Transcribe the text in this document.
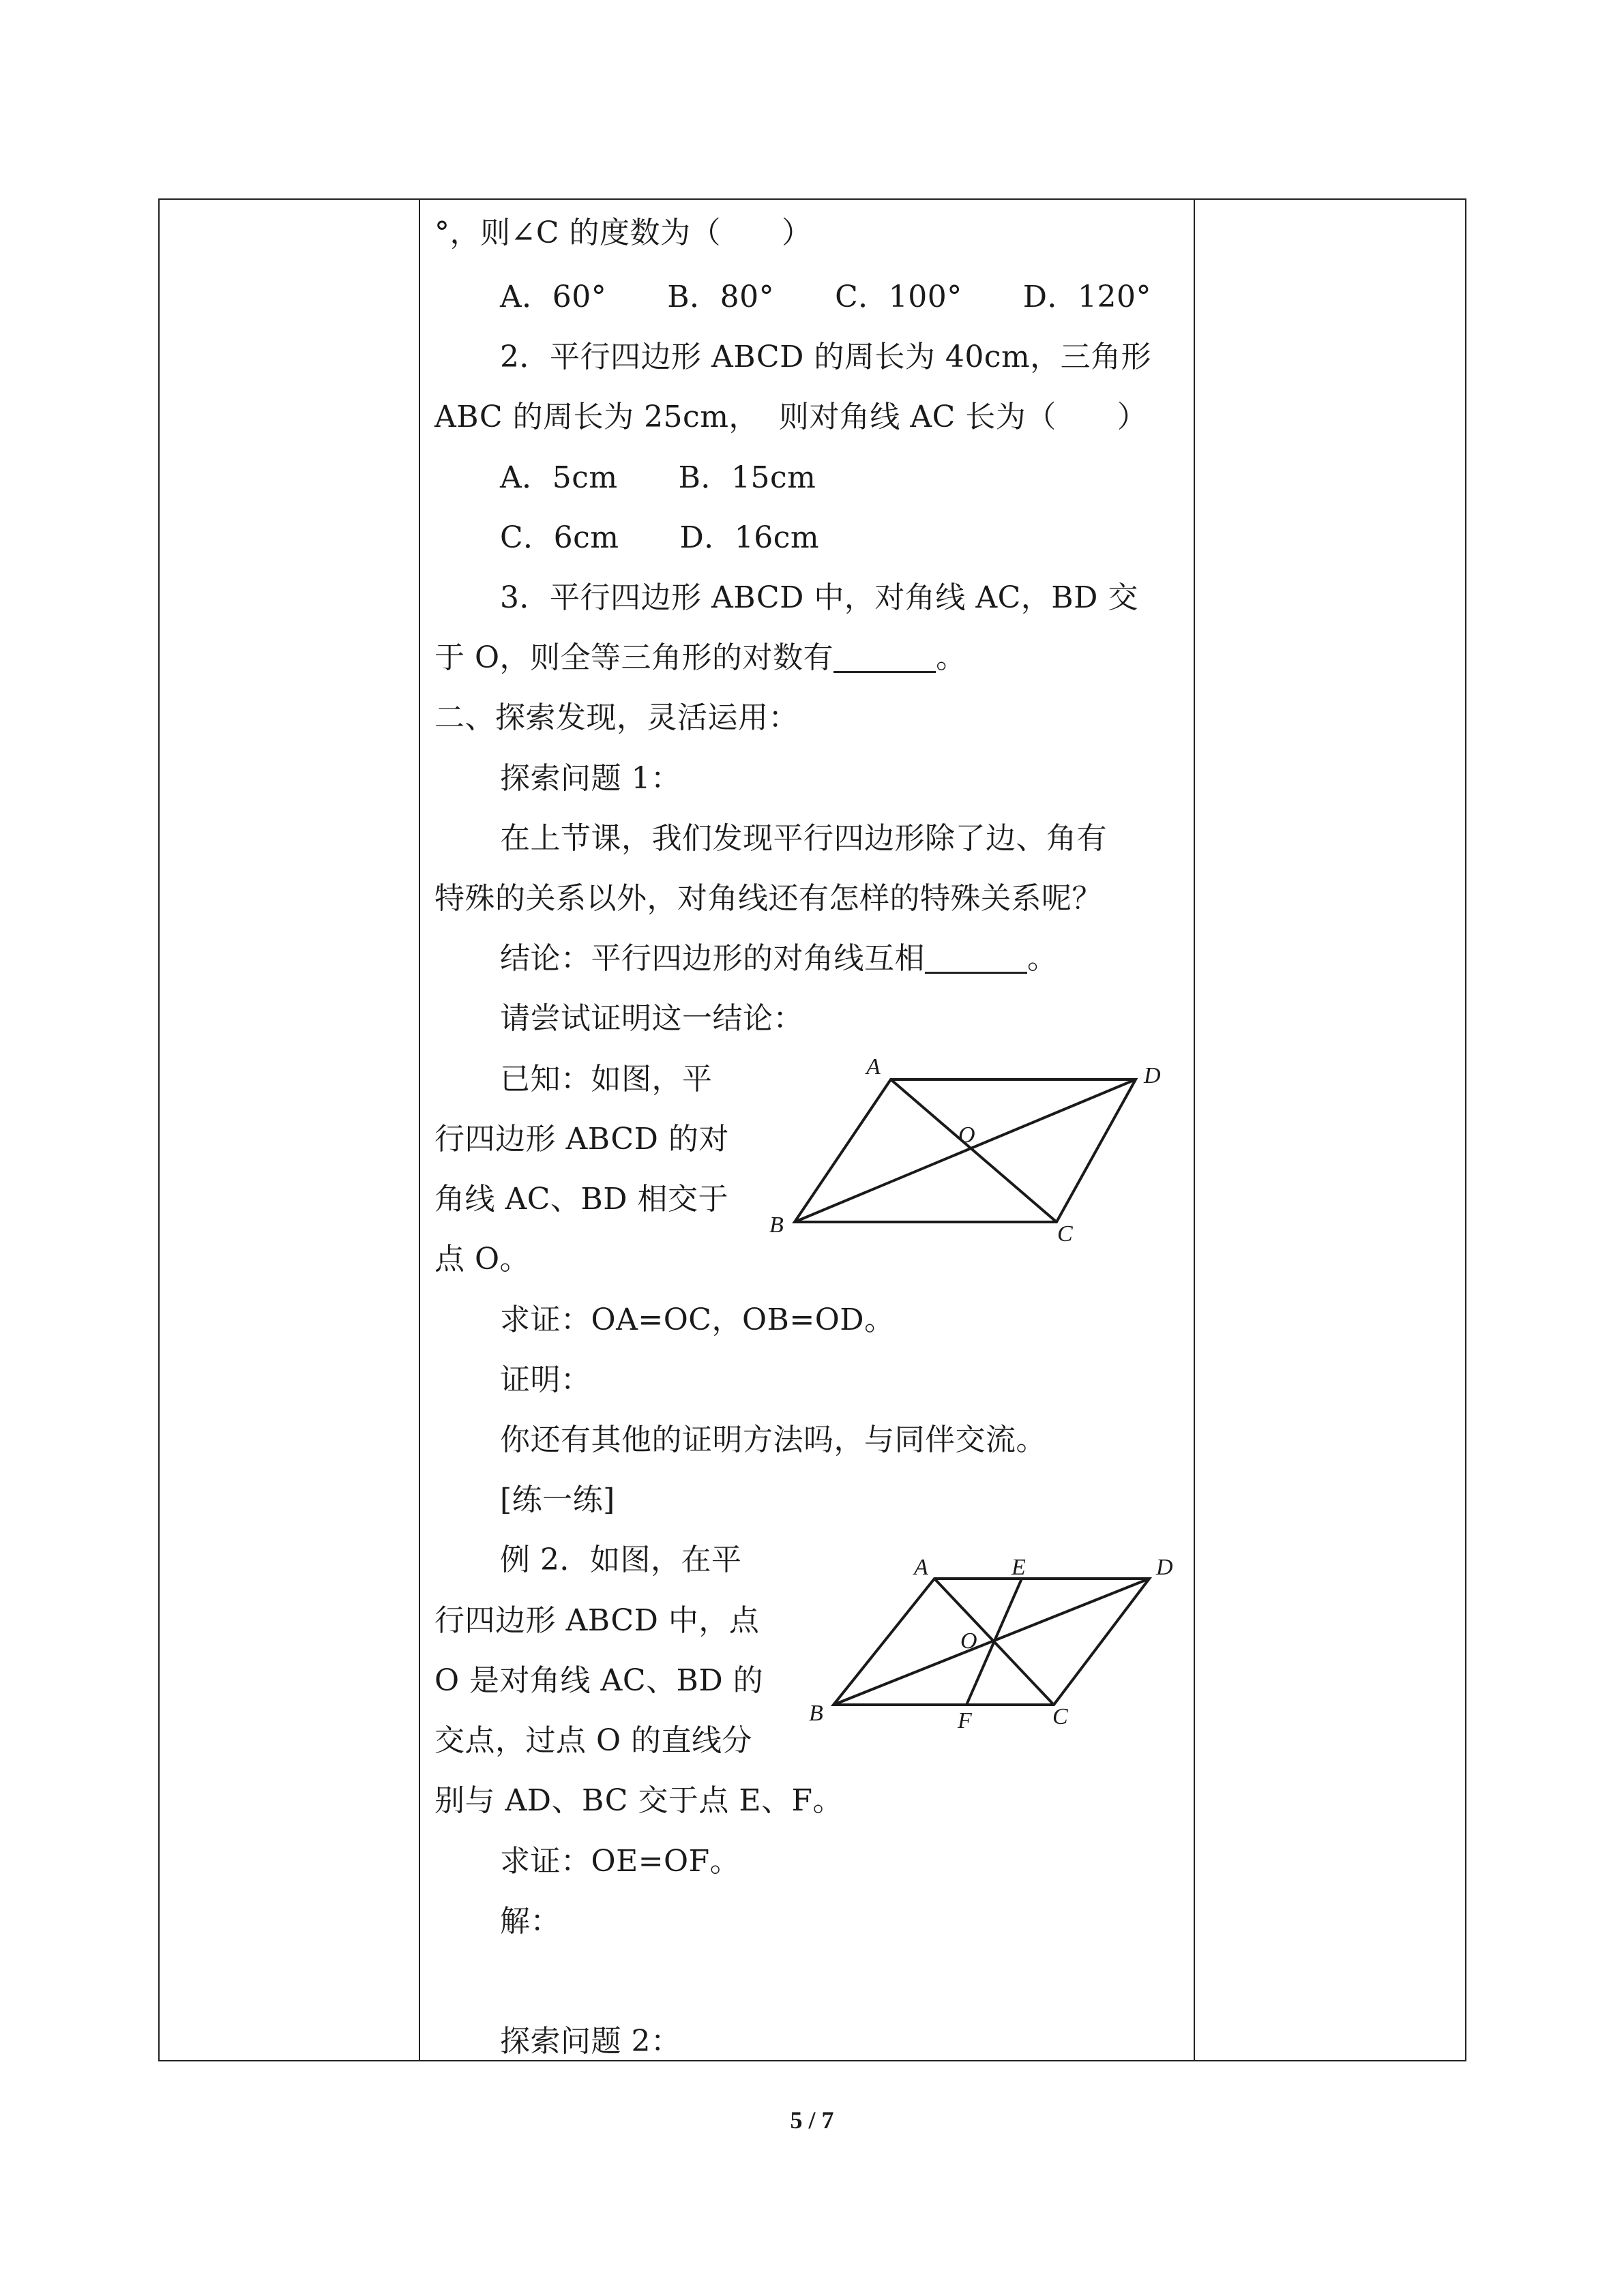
°，则∠C 的度数为（　　）
A．60°　　B．80°　　C．100°　　D．120°
2．平行四边形 ABCD 的周长为 40cm，三角形
ABC 的周长为 25cm，  则对角线 AC 长为（　　）
A．5cm　　B．15cm
C．6cm　　D．16cm
3．平行四边形 ABCD 中，对角线 AC，BD 交
于 O，则全等三角形的对数有	。
二、探索发现，灵活运用：
探索问题 1：
在上节课，我们发现平行四边形除了边、角有
特殊的关系以外，对角线还有怎样的特殊关系呢？
结论：平行四边形的对角线互相	。
请尝试证明这一结论：
已知：如图，平
行四边形 ABCD 的对
角线 AC、BD 相交于
点 O。
求证：OA=OC，OB=OD。
证明：
你还有其他的证明方法吗，与同伴交流。
[练一练]
例 2．如图，在平
行四边形 ABCD 中，点
O 是对角线 AC、BD 的
交点，过点 O 的直线分
别与 AD、BC 交于点 E、F。
求证：OE=OF。
解：
探索问题 2：
A	D
O
B	C
A	E	D
O
B	F	C
5 / 7
